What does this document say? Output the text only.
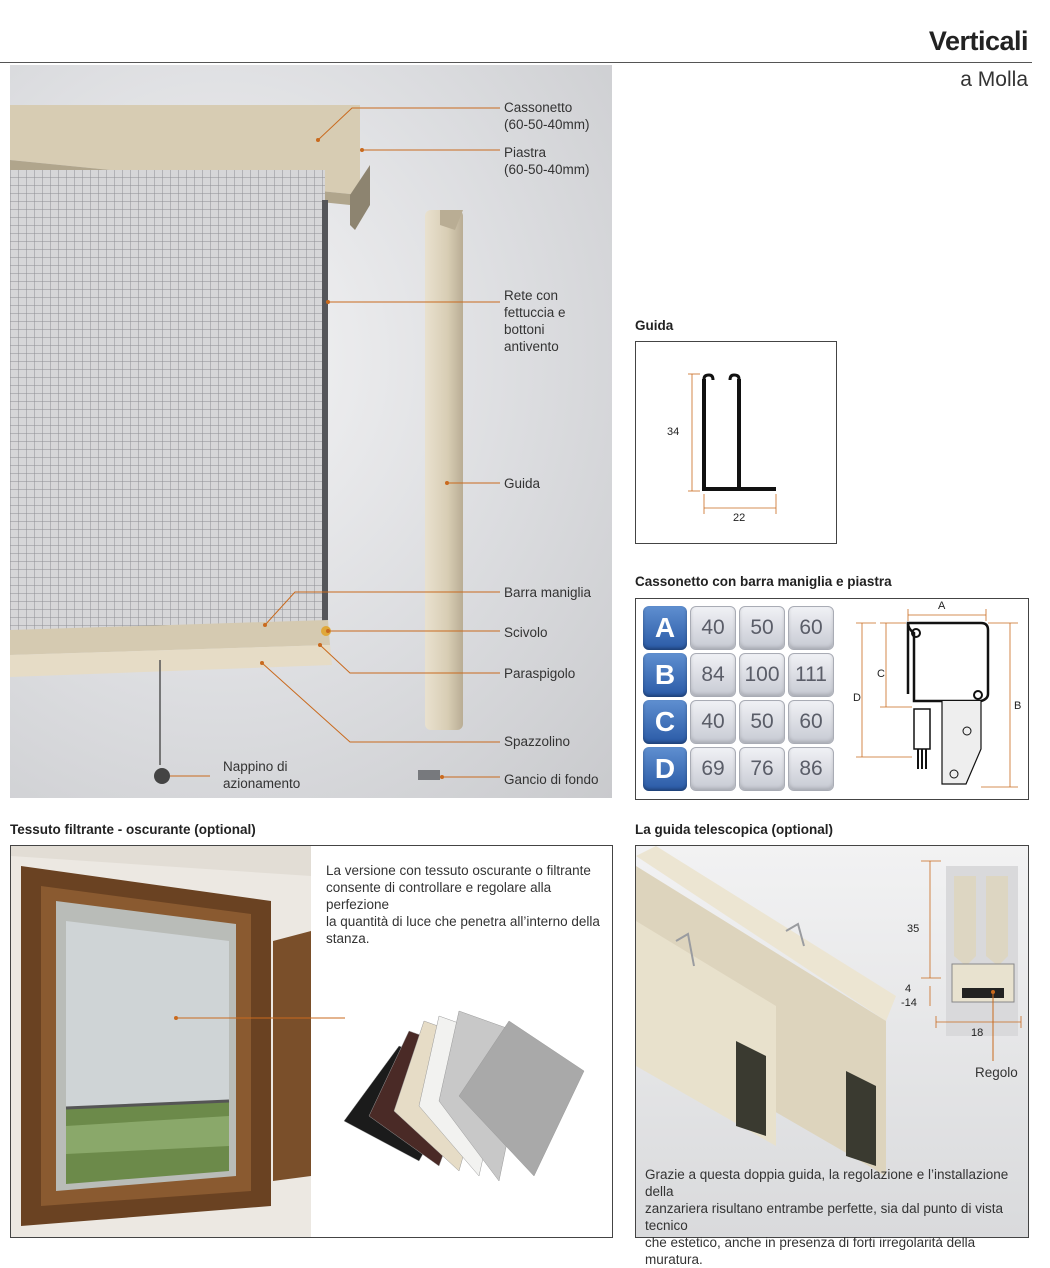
Verticali
a Molla
Cassonetto
(60-50-40mm)
Piastra
(60-50-40mm)
Rete con
fettuccia e
bottoni
antivento
Guida
Barra maniglia
Scivolo
Paraspigolo
Spazzolino
Nappino di
azionamento	Gancio di fondo
Guida
34
22
Cassonetto con barra maniglia e piastra
A	40	50	60
B	84	100	111
C	40	50	60
D	69	76	86
A
B
C
D
Tessuto filtrante - oscurante (optional)
La versione con tessuto oscurante o filtrante
consente di controllare e regolare alla perfezione
la quantità di luce che penetra all’interno della
stanza.
La guida telescopica (optional)
35
4
-14
18
Regolo
Grazie a questa doppia guida, la regolazione e l’installazione della
zanzariera risultano entrambe perfette, sia dal punto di vista tecnico
che estetico, anche in presenza di forti irregolarità della muratura.
